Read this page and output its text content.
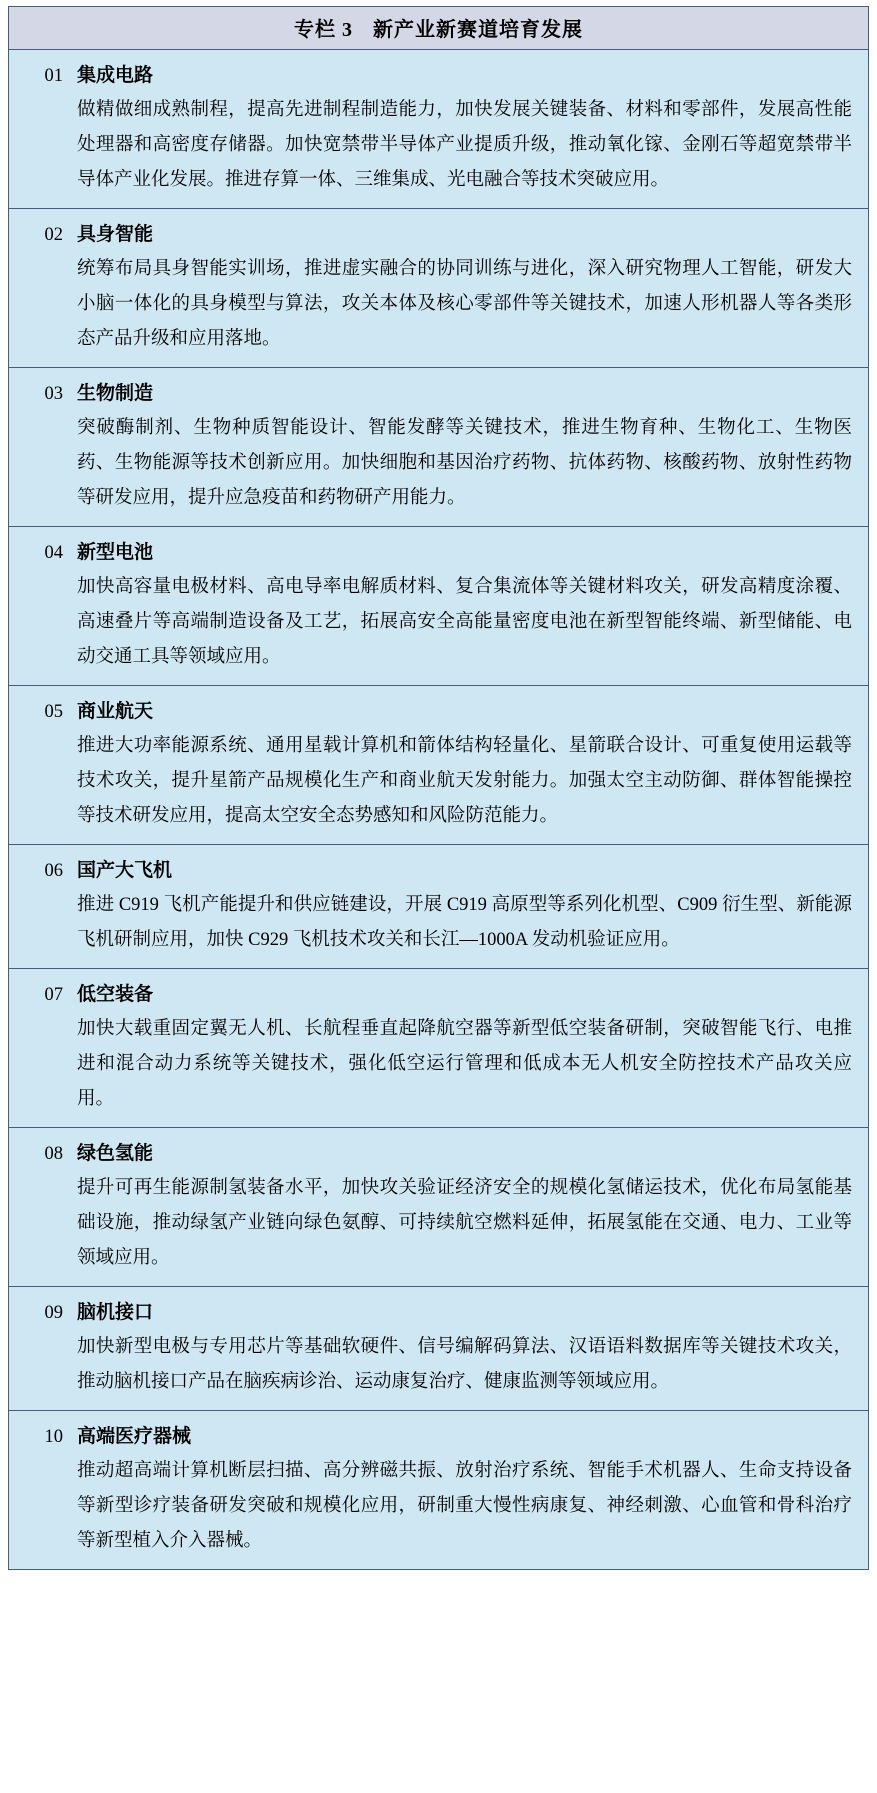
专栏 3 新产业新赛道培育发展
01 集成电路
做精做细成熟制程，提高先进制程制造能力，加快发展关键装备、材料和零部件，发展高性能处理器和高密度存储器。加快宽禁带半导体产业提质升级，推动氧化镓、金刚石等超宽禁带半导体产业化发展。推进存算一体、三维集成、光电融合等技术突破应用。
02 具身智能
统筹布局具身智能实训场，推进虚实融合的协同训练与进化，深入研究物理人工智能，研发大小脑一体化的具身模型与算法，攻关本体及核心零部件等关键技术，加速人形机器人等各类形态产品升级和应用落地。
03 生物制造
突破酶制剂、生物种质智能设计、智能发酵等关键技术，推进生物育种、生物化工、生物医药、生物能源等技术创新应用。加快细胞和基因治疗药物、抗体药物、核酸药物、放射性药物等研发应用，提升应急疫苗和药物研产用能力。
04 新型电池
加快高容量电极材料、高电导率电解质材料、复合集流体等关键材料攻关，研发高精度涂覆、高速叠片等高端制造设备及工艺，拓展高安全高能量密度电池在新型智能终端、新型储能、电动交通工具等领域应用。
05 商业航天
推进大功率能源系统、通用星载计算机和箭体结构轻量化、星箭联合设计、可重复使用运载等技术攻关，提升星箭产品规模化生产和商业航天发射能力。加强太空主动防御、群体智能操控等技术研发应用，提高太空安全态势感知和风险防范能力。
06 国产大飞机
推进 C919 飞机产能提升和供应链建设，开展 C919 高原型等系列化机型、C909 衍生型、新能源飞机研制应用，加快 C929 飞机技术攻关和长江—1000A 发动机验证应用。
07 低空装备
加快大载重固定翼无人机、长航程垂直起降航空器等新型低空装备研制，突破智能飞行、电推进和混合动力系统等关键技术，强化低空运行管理和低成本无人机安全防控技术产品攻关应用。
08 绿色氢能
提升可再生能源制氢装备水平，加快攻关验证经济安全的规模化氢储运技术，优化布局氢能基础设施，推动绿氢产业链向绿色氨醇、可持续航空燃料延伸，拓展氢能在交通、电力、工业等领域应用。
09 脑机接口
加快新型电极与专用芯片等基础软硬件、信号编解码算法、汉语语料数据库等关键技术攻关，推动脑机接口产品在脑疾病诊治、运动康复治疗、健康监测等领域应用。
10 高端医疗器械
推动超高端计算机断层扫描、高分辨磁共振、放射治疗系统、智能手术机器人、生命支持设备等新型诊疗装备研发突破和规模化应用，研制重大慢性病康复、神经刺激、心血管和骨科治疗等新型植入介入器械。
